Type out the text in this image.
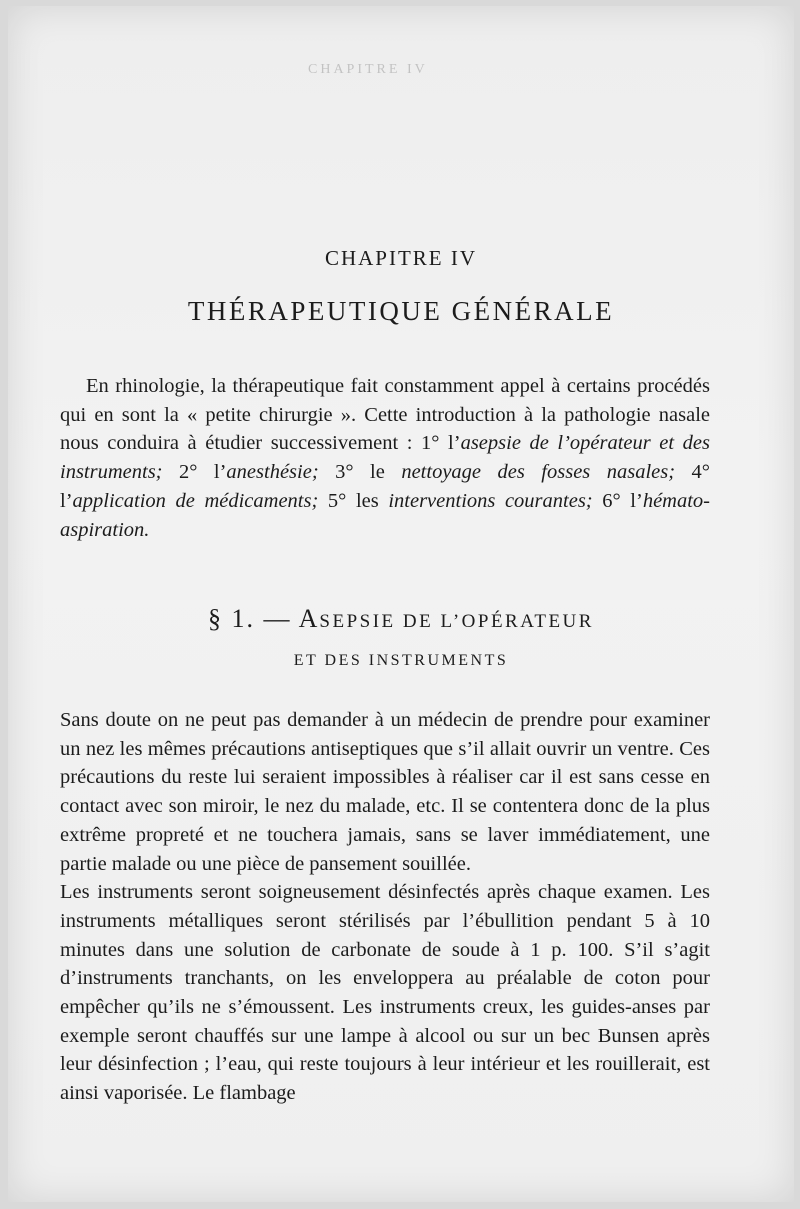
CHAPITRE IV
CHAPITRE IV
THÉRAPEUTIQUE GÉNÉRALE

En rhinologie, la thérapeutique fait constamment appel à certains procédés qui en sont la « petite chirurgie ». Cette introduction à la pathologie nasale nous conduira à étudier successivement : 1° l’asepsie de l’opérateur et des instruments; 2° l’anesthésie; 3° le nettoyage des fosses nasales; 4° l’application de médicaments; 5° les interventions courantes; 6° l’hémato-aspiration.

§ 1. — ASEPSIE DE L’OPÉRATEUR
ET DES INSTRUMENTS

Sans doute on ne peut pas demander à un médecin de prendre pour examiner un nez les mêmes précautions antiseptiques que s’il allait ouvrir un ventre. Ces précautions du reste lui seraient impossibles à réaliser car il est sans cesse en contact avec son miroir, le nez du malade, etc. Il se contentera donc de la plus extrême propreté et ne touchera jamais, sans se laver immédiatement, une partie malade ou une pièce de pansement souillée.

Les instruments seront soigneusement désinfectés après chaque examen. Les instruments métalliques seront stérilisés par l’ébullition pendant 5 à 10 minutes dans une solution de carbonate de soude à 1 p. 100. S’il s’agit d’instruments tranchants, on les enveloppera au préalable de coton pour empêcher qu’ils ne s’émoussent. Les instruments creux, les guides-anses par exemple seront chauffés sur une lampe à alcool ou sur un bec Bunsen après leur désinfection ; l’eau, qui reste toujours à leur intérieur et les rouillerait, est ainsi vaporisée. Le flambage
